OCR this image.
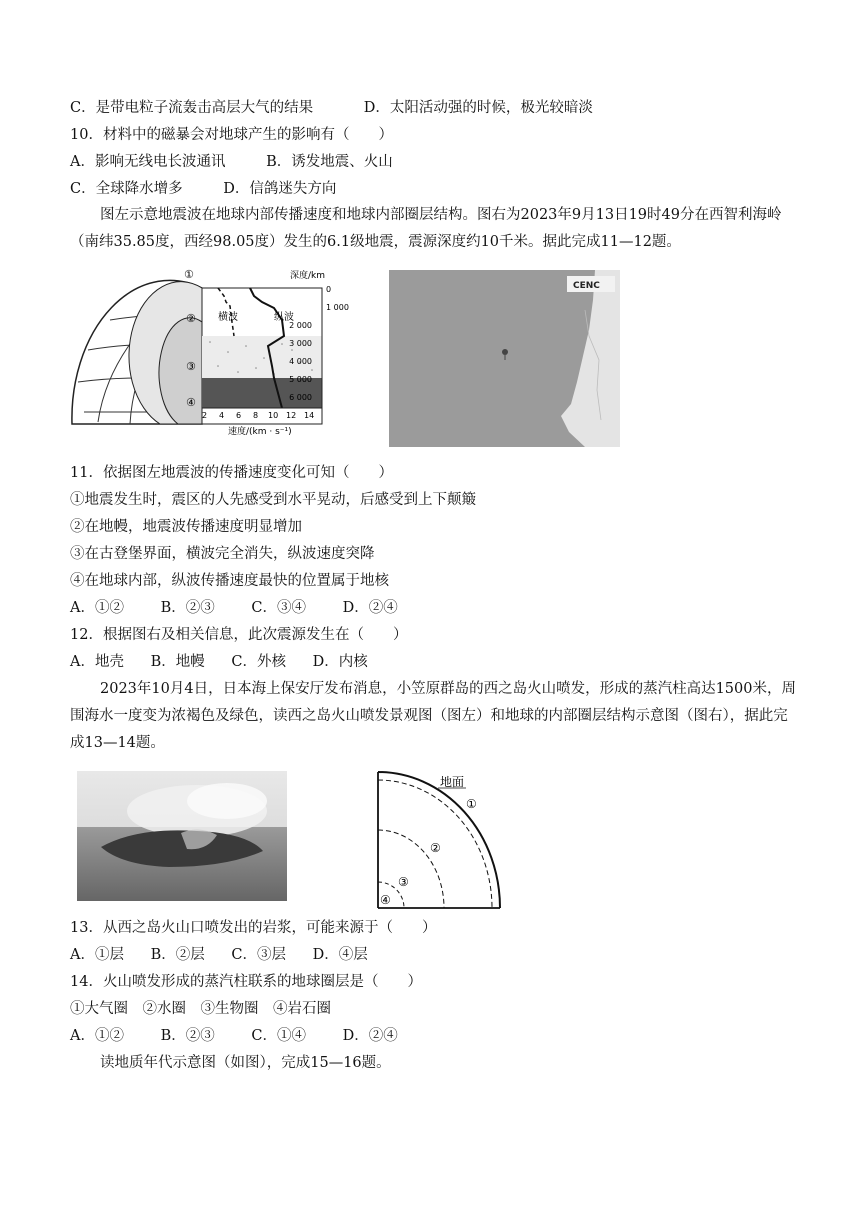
C．是带电粒子流轰击高层大气的结果	D．太阳活动强的时候，极光较暗淡
10．材料中的磁暴会对地球产生的影响有（　　）
A．影响无线电长波通讯	B．诱发地震、火山
C．全球降水增多	D．信鸽迷失方向
图左示意地震波在地球内部传播速度和地球内部圈层结构。图右为2023年9月13日19时49分在西智利海岭（南纬35.85度，西经98.05度）发生的6.1级地震，震源深度约10千米。据此完成11—12题。
深度/km
0
1 000
2 000
3 000
4 000
5 000
6 000
2 4 6 8 10 12 14
速度/(km · s⁻¹)
横波	纵波
①
②
③
④
CENC
11．依据图左地震波的传播速度变化可知（　　）
①地震发生时，震区的人先感受到水平晃动，后感受到上下颠簸
②在地幔，地震波传播速度明显增加
③在古登堡界面，横波完全消失，纵波速度突降
④在地球内部，纵波传播速度最快的位置属于地核
A．①②	B．②③	C．③④	D．②④
12．根据图右及相关信息，此次震源发生在（　　）
A．地壳 B．地幔 C．外核 D．内核
2023年10月4日，日本海上保安厅发布消息，小笠原群岛的西之岛火山喷发，形成的蒸汽柱高达1500米，周围海水一度变为浓褐色及绿色，读西之岛火山喷发景观图（图左）和地球的内部圈层结构示意图（图右），据此完成13—14题。
地面
①
②
③
④
13．从西之岛火山口喷发出的岩浆，可能来源于（　　）
A．①层 B．②层 C．③层 D．④层
14．火山喷发形成的蒸汽柱联系的地球圈层是（　　）
①大气圈　②水圈　③生物圈　④岩石圈
A．①②	B．②③	C．①④	D．②④
读地质年代示意图（如图），完成15—16题。
